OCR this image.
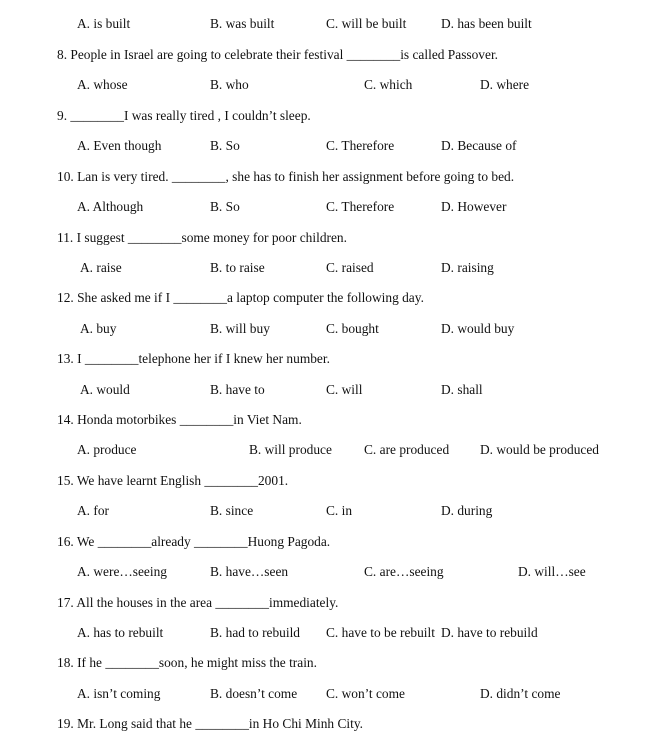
A. is built	B. was built	C. will be built	D. has been built
8. People in Israel are going to celebrate their festival ________is called Passover.
A. whose	B. who	C. which	D. where
9. ________I was really tired , I couldn’t sleep.
A. Even though	B. So	C. Therefore	D. Because of
10. Lan is very tired. ________, she has to finish her assignment before going to bed.
A. Although	B. So	C. Therefore	D. However
11. I suggest ________some money for poor children.
A. raise	B. to raise	C. raised	D. raising
12. She asked me if I ________a laptop computer the following day.
A. buy	B. will buy	C. bought	D. would buy
13. I ________telephone her if I knew her number.
A. would	B. have to	C. will	D. shall
14. Honda motorbikes ________in Viet Nam.
A. produce	B. will produce C. are produced D. would be produced
15. We have learnt English ________2001.
A. for	B. since	C. in	D. during
16. We ________already ________Huong Pagoda.
A. were…seeing	B. have…seen	C. are…seeing	D. will…see
17. All the houses in the area ________immediately.
A. has to rebuilt	B. had to rebuild C. have to be rebuilt D. have to rebuild
18. If he ________soon, he might miss the train.
A. isn’t coming	B. doesn’t come C. won’t come	D. didn’t come
19. Mr. Long said that he ________in Ho Chi Minh City.
